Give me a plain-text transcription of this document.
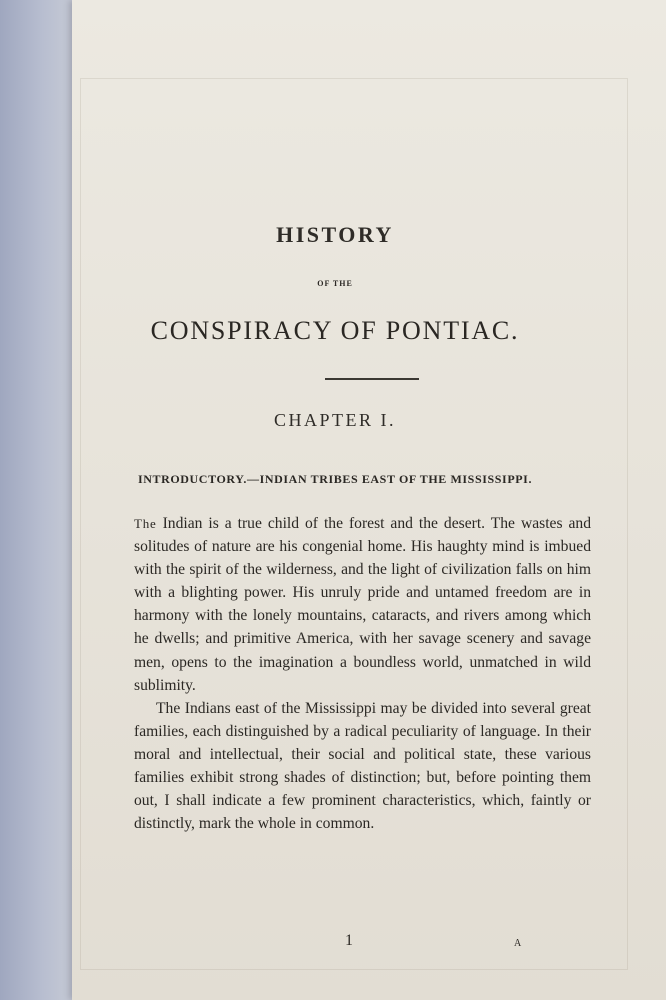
HISTORY

OF THE

CONSPIRACY OF PONTIAC.

CHAPTER I.

INTRODUCTORY.—INDIAN TRIBES EAST OF THE MISSISSIPPI.

The Indian is a true child of the forest and the desert. The wastes and solitudes of nature are his congenial home. His haughty mind is imbued with the spirit of the wilderness, and the light of civilization falls on him with a blighting power. His unruly pride and untamed freedom are in harmony with the lonely mountains, cataracts, and rivers among which he dwells; and primitive America, with her savage scenery and savage men, opens to the imagination a boundless world, unmatched in wild sublimity.

The Indians east of the Mississippi may be divided into several great families, each distinguished by a radical peculiarity of language. In their moral and intellectual, their social and political state, these various families exhibit strong shades of distinction; but, before pointing them out, I shall indicate a few prominent characteristics, which, faintly or distinctly, mark the whole in common.

1	A
